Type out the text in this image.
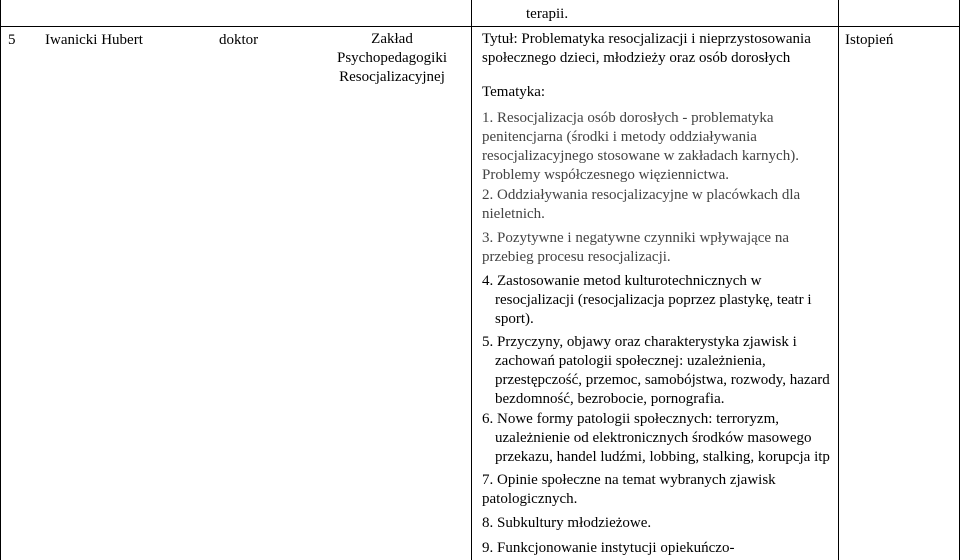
terapii.
5 Iwanicki Hubert	doktor	Zakład
Psychopedagogiki
Resocjalizacyjnej
Istopień
Tytuł: Problematyka resocjalizacji i nieprzystosowania
społecznego dzieci, młodzieży oraz osób dorosłych
Tematyka:
1. Resocjalizacja osób dorosłych - problematyka
penitencjarna (środki i metody oddziaływania
resocjalizacyjnego stosowane w zakładach karnych).
Problemy współczesnego więziennictwa.
2. Oddziaływania resocjalizacyjne w placówkach dla
nieletnich.
3. Pozytywne i negatywne czynniki wpływające na
przebieg procesu resocjalizacji.
4. Zastosowanie metod kulturotechnicznych w
resocjalizacji (resocjalizacja poprzez plastykę, teatr i
sport).
5. Przyczyny, objawy oraz charakterystyka zjawisk i
zachowań patologii społecznej: uzależnienia,
przestępczość, przemoc, samobójstwa, rozwody, hazard
bezdomność, bezrobocie, pornografia.
6. Nowe formy patologii społecznych: terroryzm,
uzależnienie od elektronicznych środków masowego
przekazu, handel ludźmi, lobbing, stalking, korupcja itp
7. Opinie społeczne na temat wybranych zjawisk
patologicznych.
8. Subkultury młodzieżowe.
9. Funkcjonowanie instytucji opiekuńczo-
